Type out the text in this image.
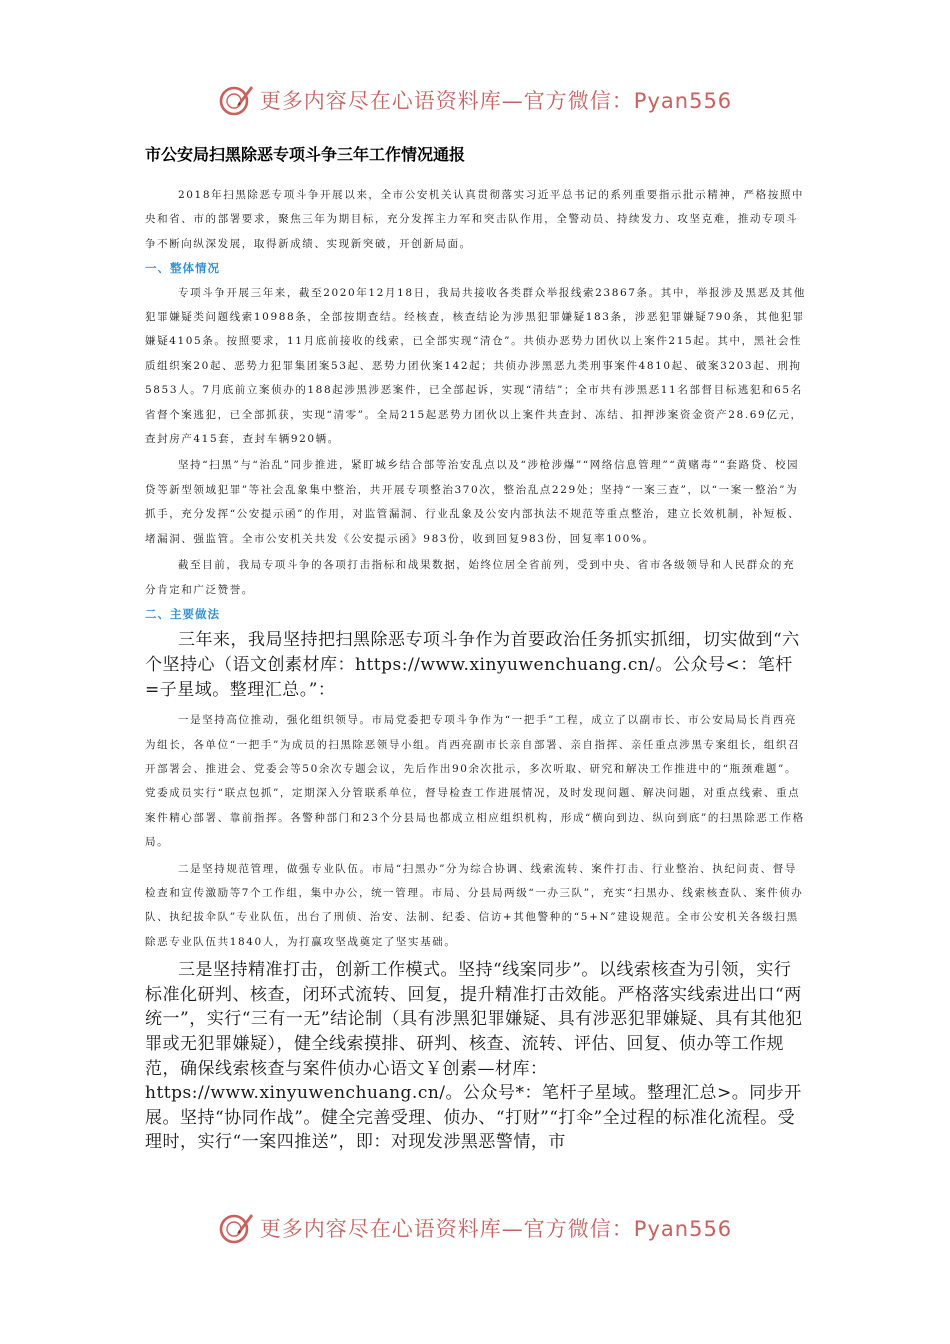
更多内容尽在心语资料库—官方微信：Pyan556
市公安局扫黑除恶专项斗争三年工作情况通报

2018年扫黑除恶专项斗争开展以来，全市公安机关认真贯彻落实习近平总书记的系列重要指示批示精神，严格按照中央和省、市的部署要求，聚焦三年为期目标，充分发挥主力军和突击队作用，全警动员、持续发力、攻坚克难，推动专项斗争不断向纵深发展，取得新成绩、实现新突破，开创新局面。

一、整体情况

专项斗争开展三年来，截至2020年12月18日，我局共接收各类群众举报线索23867条。其中，举报涉及黑恶及其他犯罪嫌疑类问题线索10988条，全部按期查结。经核查，核查结论为涉黑犯罪嫌疑183条，涉恶犯罪嫌疑790条，其他犯罪嫌疑4105条。按照要求，11月底前接收的线索，已全部实现“清仓”。共侦办恶势力团伙以上案件215起。其中，黑社会性质组织案20起、恶势力犯罪集团案53起、恶势力团伙案142起；共侦办涉黑恶九类刑事案件4810起、破案3203起、刑拘5853人。7月底前立案侦办的188起涉黑涉恶案件，已全部起诉，实现“清结”；全市共有涉黑恶11名部督目标逃犯和65名省督个案逃犯，已全部抓获，实现“清零”。全局215起恶势力团伙以上案件共查封、冻结、扣押涉案资金资产28.69亿元，查封房产415套，查封车辆920辆。

坚持“扫黑”与“治乱”同步推进，紧盯城乡结合部等治安乱点以及“涉枪涉爆”“网络信息管理”“黄赌毒”“套路贷、校园贷等新型领域犯罪”等社会乱象集中整治，共开展专项整治370次，整治乱点229处；坚持“一案三查”，以“一案一整治”为抓手，充分发挥“公安提示函”的作用，对监管漏洞、行业乱象及公安内部执法不规范等重点整治，建立长效机制，补短板、堵漏洞、强监管。全市公安机关共发《公安提示函》983份，收到回复983份，回复率100%。

截至目前，我局专项斗争的各项打击指标和战果数据，始终位居全省前列，受到中央、省市各级领导和人民群众的充分肯定和广泛赞誉。

二、主要做法

三年来，我局坚持把扫黑除恶专项斗争作为首要政治任务抓实抓细，切实做到“六个坚持心（语文创素材库：https://www.xinyuwenchuang.cn/。公众号<：笔杆=子星域。整理汇总。”：

一是坚持高位推动，强化组织领导。市局党委把专项斗争作为“一把手”工程，成立了以副市长、市公安局局长肖西亮为组长，各单位“一把手”为成员的扫黑除恶领导小组。肖西亮副市长亲自部署、亲自指挥、亲任重点涉黑专案组长，组织召开部署会、推进会、党委会等50余次专题会议，先后作出90余次批示，多次听取、研究和解决工作推进中的“瓶颈难题”。党委成员实行“联点包抓”，定期深入分管联系单位，督导检查工作进展情况，及时发现问题、解决问题，对重点线索、重点案件精心部署、靠前指挥。各警种部门和23个分县局也都成立相应组织机构，形成“横向到边、纵向到底”的扫黑除恶工作格局。

二是坚持规范管理，做强专业队伍。市局“扫黑办”分为综合协调、线索流转、案件打击、行业整治、执纪问责、督导检查和宣传激励等7个工作组，集中办公，统一管理。市局、分县局两级“一办三队”，充实“扫黑办、线索核查队、案件侦办队、执纪拔伞队”专业队伍，出台了刑侦、治安、法制、纪委、信访+其他警种的“5+N”建设规范。全市公安机关各级扫黑除恶专业队伍共1840人，为打赢攻坚战奠定了坚实基础。

三是坚持精准打击，创新工作模式。坚持“线案同步”。以线索核查为引领，实行标准化研判、核查，闭环式流转、回复，提升精准打击效能。严格落实线索进出口“两统一”，实行“三有一无”结论制（具有涉黑犯罪嫌疑、具有涉恶犯罪嫌疑、具有其他犯罪或无犯罪嫌疑），健全线索摸排、研判、核查、流转、评估、回复、侦办等工作规范，确保线索核查与案件侦办心语文￥创素—材库：https://www.xinyuwenchuang.cn/。公众号*：笔杆子星域。整理汇总>。同步开展。坚持“协同作战”。健全完善受理、侦办、“打财”“打伞”全过程的标准化流程。受理时，实行“一案四推送”，即：对现发涉黑恶警情，市

更多内容尽在心语资料库—官方微信：Pyan556
